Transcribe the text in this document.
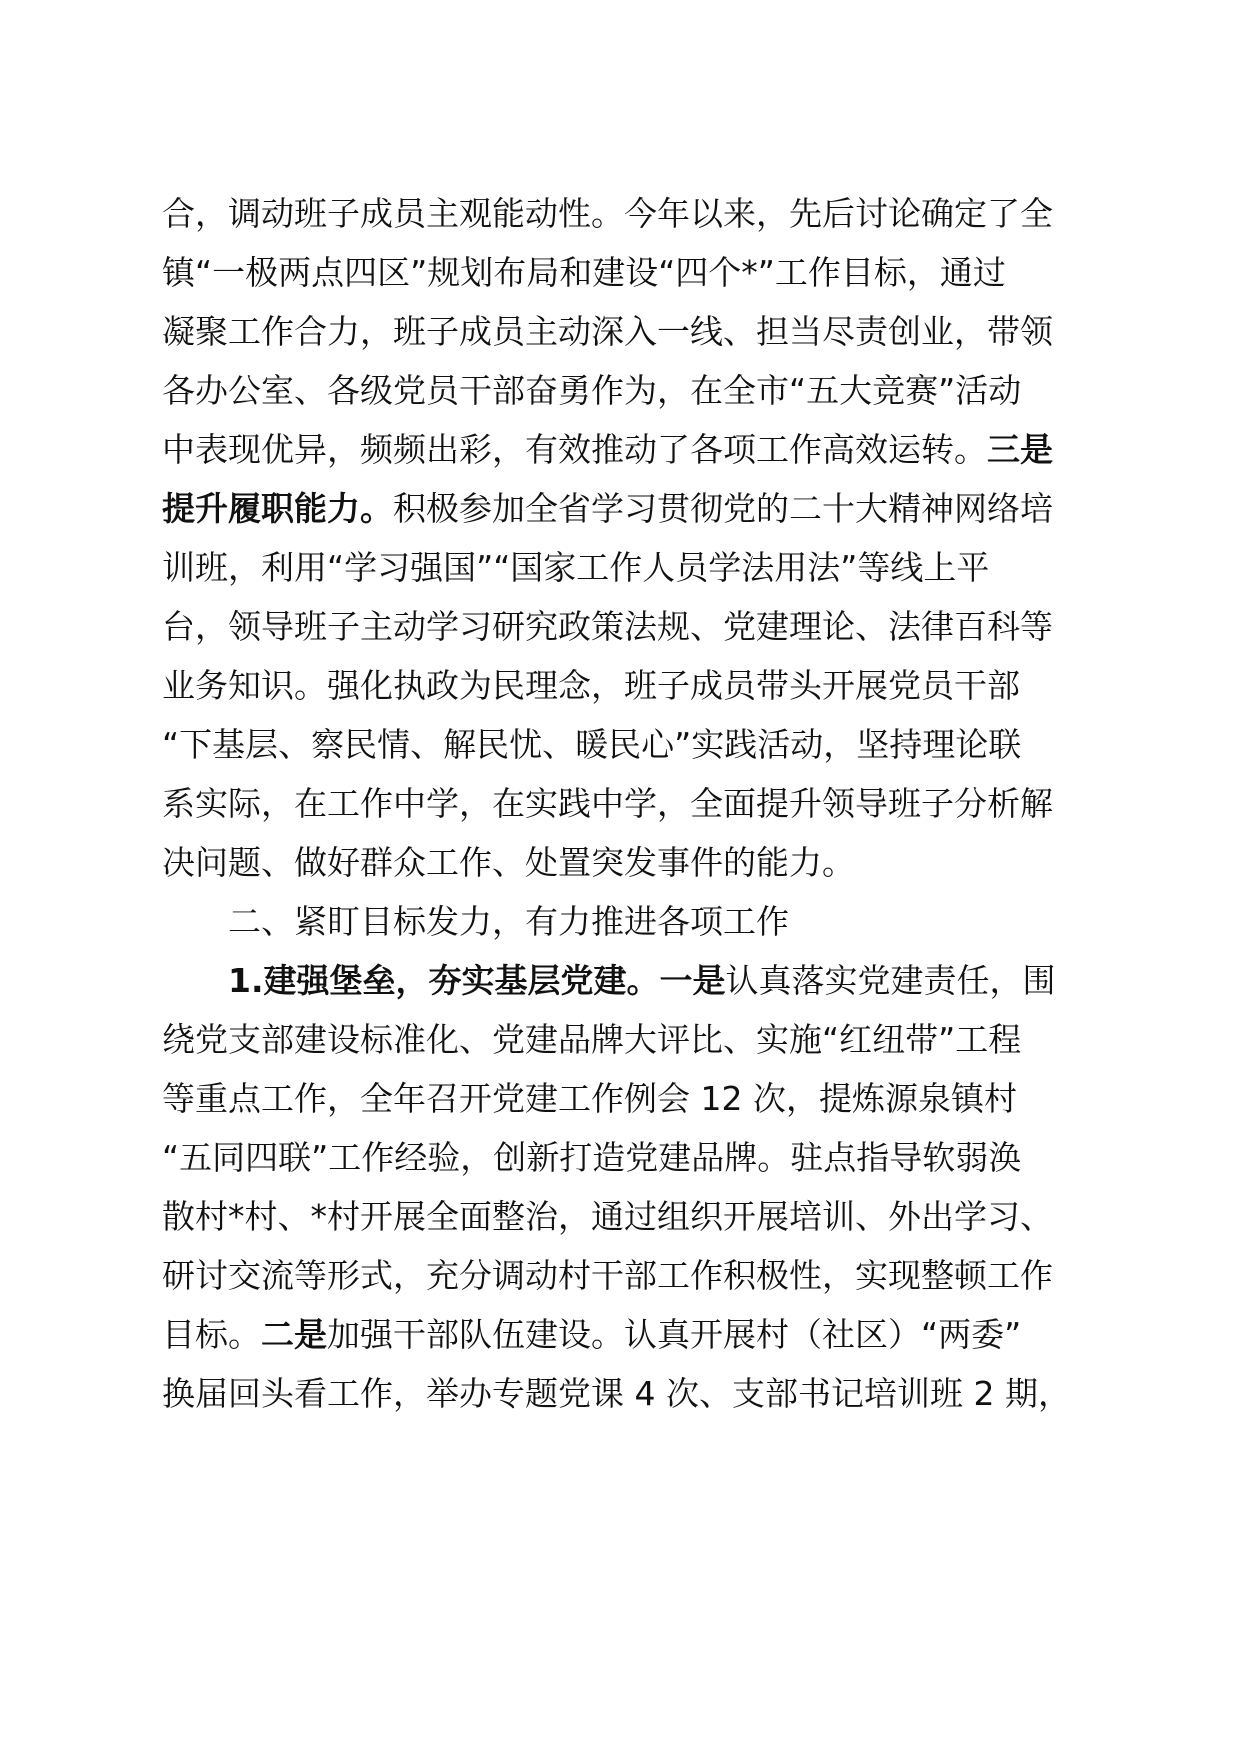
合，调动班子成员主观能动性。今年以来，先后讨论确定了全
镇“一极两点四区”规划布局和建设“四个*”工作目标，通过
凝聚工作合力，班子成员主动深入一线、担当尽责创业，带领
各办公室、各级党员干部奋勇作为，在全市“五大竞赛”活动
中表现优异，频频出彩，有效推动了各项工作高效运转。三是
提升履职能力。积极参加全省学习贯彻党的二十大精神网络培
训班，利用“学习强国”“国家工作人员学法用法”等线上平
台，领导班子主动学习研究政策法规、党建理论、法律百科等
业务知识。强化执政为民理念，班子成员带头开展党员干部
“下基层、察民情、解民忧、暖民心”实践活动，坚持理论联
系实际，在工作中学，在实践中学，全面提升领导班子分析解
决问题、做好群众工作、处置突发事件的能力。
二、紧盯目标发力，有力推进各项工作
1.建强堡垒，夯实基层党建。一是认真落实党建责任，围
绕党支部建设标准化、党建品牌大评比、实施“红纽带”工程
等重点工作，全年召开党建工作例会 12 次，提炼源泉镇村
“五同四联”工作经验，创新打造党建品牌。驻点指导软弱涣
散村*村、*村开展全面整治，通过组织开展培训、外出学习、
研讨交流等形式，充分调动村干部工作积极性，实现整顿工作
目标。二是加强干部队伍建设。认真开展村（社区）“两委”
换届回头看工作，举办专题党课 4 次、支部书记培训班 2 期，
